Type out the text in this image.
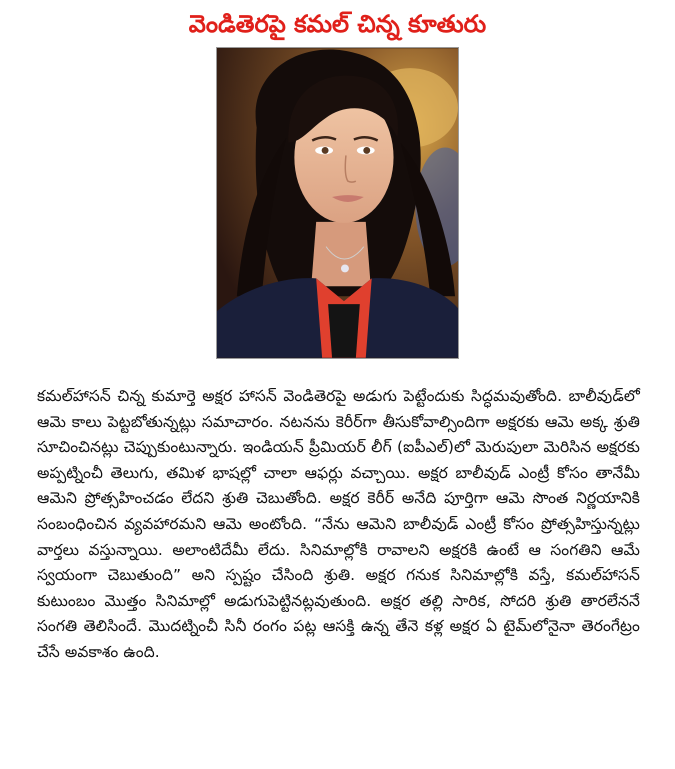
వెండితెరపై కమల్ చిన్న కూతురు

కమల్‌హాసన్ చిన్న కుమార్తె అక్షర హాసన్ వెండితెరపై అడుగు పెట్టేందుకు సిద్ధమవుతోంది. బాలీవుడ్‌లో ఆమె కాలు పెట్టబోతున్నట్లు సమాచారం. నటనను కెరీర్‌గా తీసుకోవాల్సిందిగా అక్షరకు ఆమె అక్క శ్రుతి సూచించినట్లు చెప్పుకుంటున్నారు. ఇండియన్ ప్రీమియర్ లీగ్ (ఐపీఎల్)లో మెరుపులా మెరిసిన అక్షరకు అప్పట్నించీ తెలుగు, తమిళ భాషల్లో చాలా ఆఫర్లు వచ్చాయి. అక్షర బాలీవుడ్ ఎంట్రీ కోసం తానేమీ ఆమెని ప్రోత్సహించడం లేదని శ్రుతి చెబుతోంది. అక్షర కెరీర్ అనేది పూర్తిగా ఆమె సొంత నిర్ణయానికి సంబంధించిన వ్యవహారమని ఆమె అంటోంది. “నేను ఆమెని బాలీవుడ్ ఎంట్రీ కోసం ప్రోత్సహిస్తున్నట్లు వార్తలు వస్తున్నాయి. అలాంటిదేమీ లేదు. సినిమాల్లోకి రావాలని అక్షరకి ఉంటే ఆ సంగతిని ఆమే స్వయంగా చెబుతుంది” అని స్పష్టం చేసింది శ్రుతి. అక్షర గనుక సినిమాల్లోకి వస్తే, కమల్‌హాసన్ కుటుంబం మొత్తం సినిమాల్లో అడుగుపెట్టినట్లవుతుంది. అక్షర తల్లి సారిక, సోదరి శ్రుతి తారలేననే సంగతి తెలిసిందే. మొదట్నించీ సినీ రంగం పట్ల ఆసక్తి ఉన్న తేనె కళ్ల అక్షర ఏ టైమ్‌లోనైనా తెరంగేట్రం చేసే అవకాశం ఉంది.
